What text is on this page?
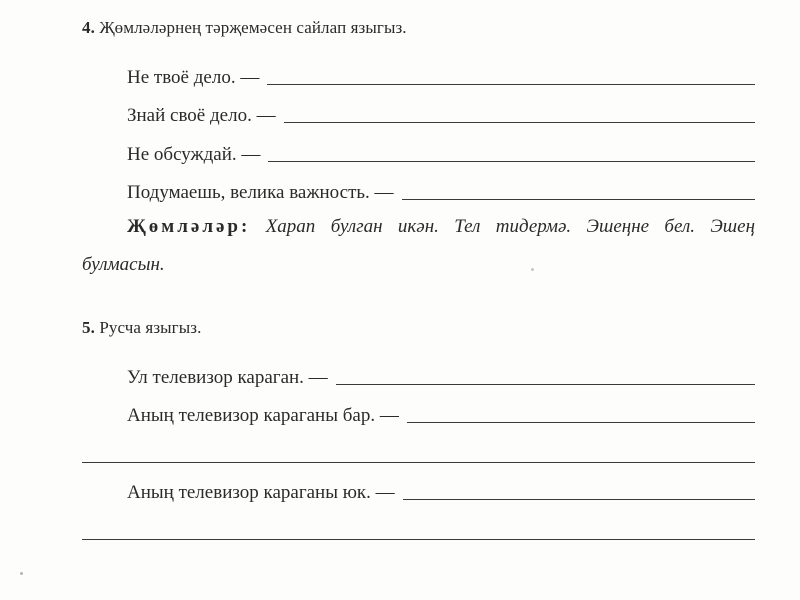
4. Җөмләләрнең тәрҗемәсен сайлап языгыз.
Не твоё дело. —
Знай своё дело. —
Не обсуждай. —
Подумаешь, велика важность. —
Җөмләләр: Харап булган икән. Тел тидермә. Эшеңне бел. Эшең булмасын.
5. Русча языгыз.
Ул телевизор караган. —
Аның телевизор караганы бар. —
Аның телевизор караганы юк. —
